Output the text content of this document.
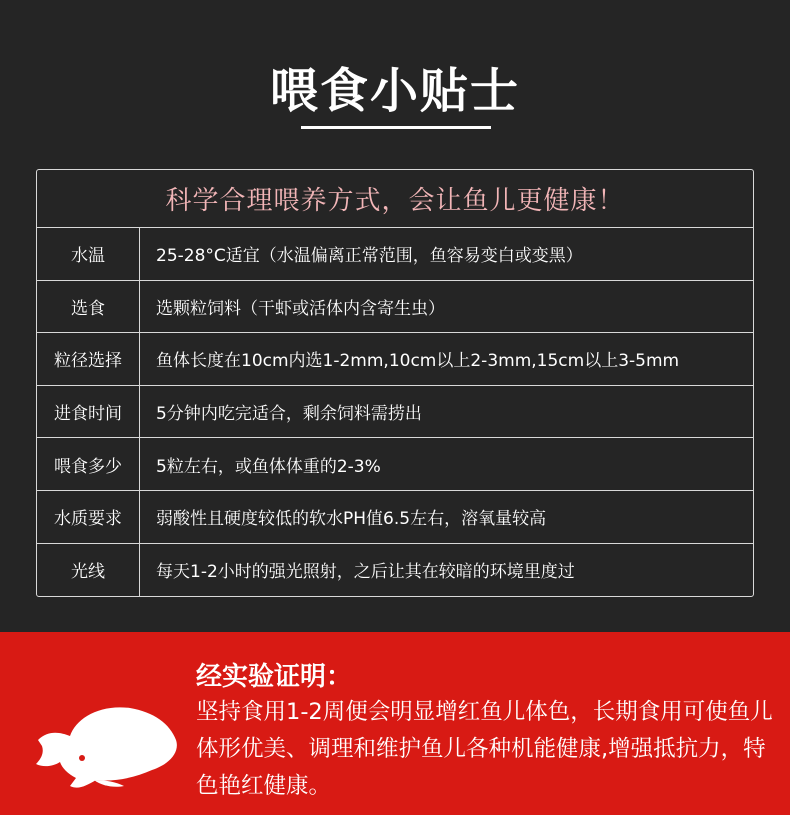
喂食小贴士
科学合理喂养方式，会让鱼儿更健康！
水温	25-28°C适宜（水温偏离正常范围，鱼容易变白或变黑）
选食	选颗粒饲料（干虾或活体内含寄生虫）
粒径选择	鱼体长度在10cm内选1-2mm,10cm以上2-3mm,15cm以上3-5mm
进食时间	5分钟内吃完适合，剩余饲料需捞出
喂食多少	5粒左右，或鱼体体重的2-3%
水质要求	弱酸性且硬度较低的软水PH值6.5左右，溶氧量较高
光线	每天1-2小时的强光照射，之后让其在较暗的环境里度过
经实验证明：
坚持食用1-2周便会明显增红鱼儿体色，长期食用可使鱼儿体形优美、调理和维护鱼儿各种机能健康,增强抵抗力，特色艳红健康。
